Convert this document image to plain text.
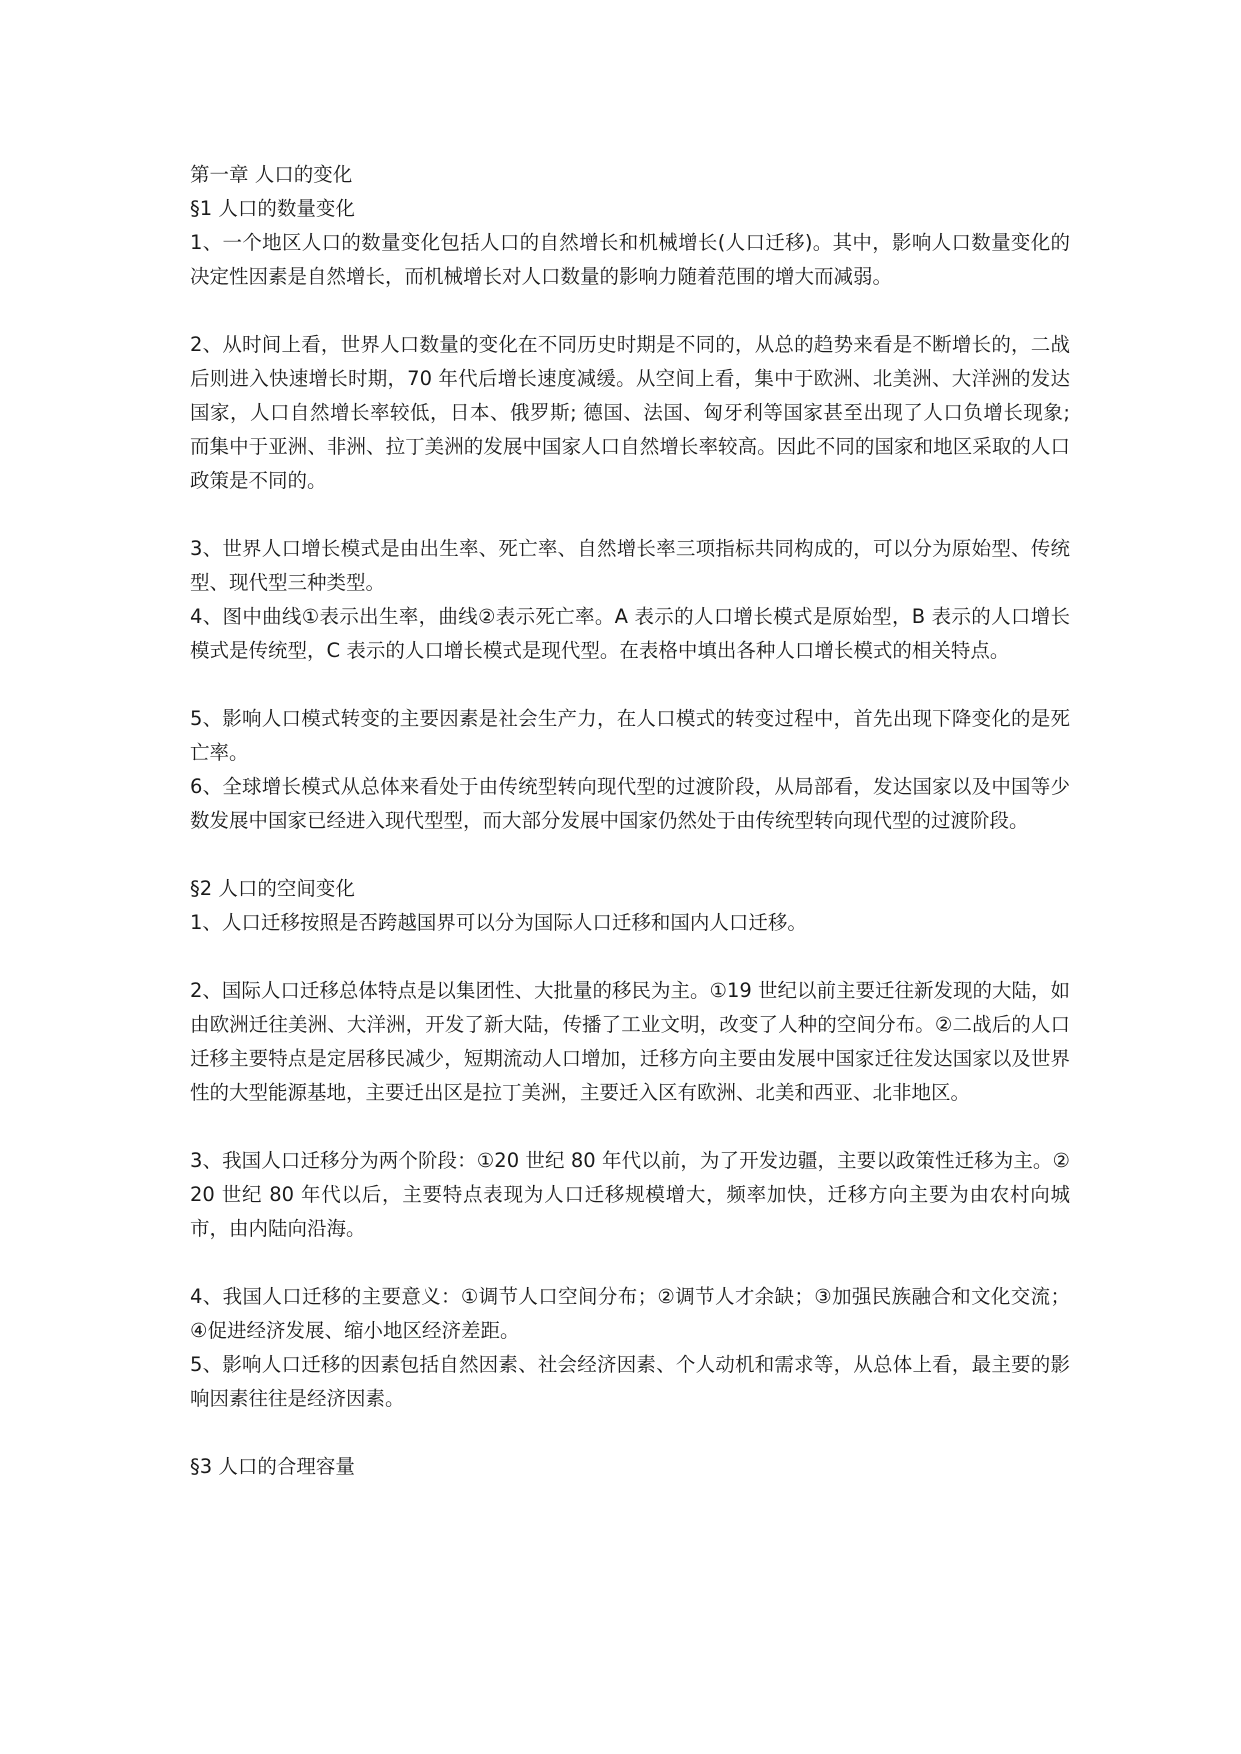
第一章 人口的变化
§1 人口的数量变化
1、一个地区人口的数量变化包括人口的自然增长和机械增长(人口迁移)。其中，影响人口数量变化的决定性因素是自然增长，而机械增长对人口数量的影响力随着范围的增大而减弱。
2、从时间上看，世界人口数量的变化在不同历史时期是不同的，从总的趋势来看是不断增长的，二战后则进入快速增长时期，70 年代后增长速度减缓。从空间上看，集中于欧洲、北美洲、大洋洲的发达国家，人口自然增长率较低，日本、俄罗斯; 德国、法国、匈牙利等国家甚至出现了人口负增长现象; 而集中于亚洲、非洲、拉丁美洲的发展中国家人口自然增长率较高。因此不同的国家和地区采取的人口政策是不同的。
3、世界人口增长模式是由出生率、死亡率、自然增长率三项指标共同构成的，可以分为原始型、传统型、现代型三种类型。
4、图中曲线①表示出生率，曲线②表示死亡率。A 表示的人口增长模式是原始型，B 表示的人口增长模式是传统型，C 表示的人口增长模式是现代型。在表格中填出各种人口增长模式的相关特点。
5、影响人口模式转变的主要因素是社会生产力，在人口模式的转变过程中，首先出现下降变化的是死亡率。
6、全球增长模式从总体来看处于由传统型转向现代型的过渡阶段，从局部看，发达国家以及中国等少数发展中国家已经进入现代型型，而大部分发展中国家仍然处于由传统型转向现代型的过渡阶段。
§2 人口的空间变化
1、人口迁移按照是否跨越国界可以分为国际人口迁移和国内人口迁移。
2、国际人口迁移总体特点是以集团性、大批量的移民为主。①19 世纪以前主要迁往新发现的大陆，如由欧洲迁往美洲、大洋洲，开发了新大陆，传播了工业文明，改变了人种的空间分布。②二战后的人口迁移主要特点是定居移民减少，短期流动人口增加，迁移方向主要由发展中国家迁往发达国家以及世界性的大型能源基地，主要迁出区是拉丁美洲，主要迁入区有欧洲、北美和西亚、北非地区。
3、我国人口迁移分为两个阶段：①20 世纪 80 年代以前，为了开发边疆，主要以政策性迁移为主。②20 世纪 80 年代以后，主要特点表现为人口迁移规模增大，频率加快，迁移方向主要为由农村向城市，由内陆向沿海。
4、我国人口迁移的主要意义：①调节人口空间分布；②调节人才余缺；③加强民族融合和文化交流；④促进经济发展、缩小地区经济差距。
5、影响人口迁移的因素包括自然因素、社会经济因素、个人动机和需求等，从总体上看，最主要的影响因素往往是经济因素。
§3 人口的合理容量
